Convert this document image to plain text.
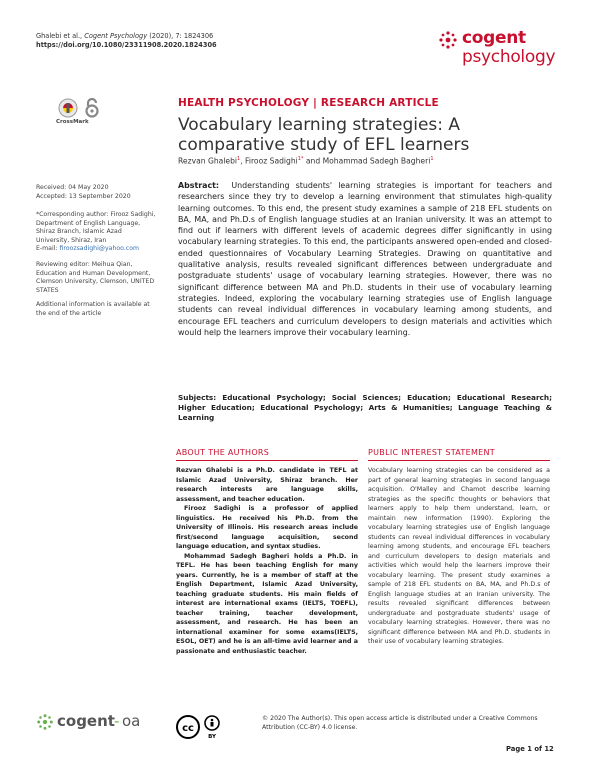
Ghalebi et al., Cogent Psychology (2020), 7: 1824306
https://doi.org/10.1080/23311908.2020.1824306	cogent
psychology
CrossMark
HEALTH PSYCHOLOGY | RESEARCH ARTICLE
Vocabulary learning strategies: A comparative study of EFL learners
Rezvan Ghalebi$^1$, Firooz Sadighi$^{1*}$ and Mohammad Sadegh Bagheri$^1$
Received: 04 May 2020
Accepted: 13 September 2020
*Corresponding author: Firooz Sadighi, Department of English Language, Shiraz Branch, Islamic Azad University, Shiraz, Iran
E-mail: firoozsadighi@yahoo.com
Reviewing editor: Meihua Qian, Education and Human Development, Clemson University, Clemson, UNITED STATES
Additional information is available at the end of the article
Abstract: Understanding students' learning strategies is important for teachers and researchers since they try to develop a learning environment that stimulates high-quality learning outcomes. To this end, the present study examines a sample of 218 EFL students on BA, MA, and Ph.D.s of English language studies at an Iranian university. It was an attempt to find out if learners with different levels of academic degrees differ significantly in using vocabulary learning strategies. To this end, the participants answered open-ended and closed-ended questionnaires of Vocabulary Learning Strategies. Drawing on quantitative and qualitative analysis, results revealed significant differences between undergraduate and postgraduate students' usage of vocabulary learning strategies. However, there was no significant difference between MA and Ph.D. students in their use of vocabulary learning strategies. Indeed, exploring the vocabulary learning strategies use of English language students can reveal individual differences in vocabulary learning among students, and encourage EFL teachers and curriculum developers to design materials and activities which would help the learners improve their vocabulary learning.
Subjects: Educational Psychology; Social Sciences; Education; Educational Research; Higher Education; Educational Psychology; Arts & Humanities; Language Teaching & Learning
ABOUT THE AUTHORS

Rezvan Ghalebi is a Ph.D. candidate in TEFL at Islamic Azad University, Shiraz branch. Her research interests are language skills, assessment, and teacher education.

Firooz Sadighi is a professor of applied linguistics. He received his Ph.D. from the University of Illinois. His research areas include first/second language acquisition, second language education, and syntax studies.

Mohammad Sadegh Bagheri holds a Ph.D. in TEFL. He has been teaching English for many years. Currently, he is a member of staff at the English Department, Islamic Azad University, teaching graduate students. His main fields of interest are international exams (IELTS, TOEFL), teacher training, teacher development, assessment, and research. He has been an international examiner for some exams(IELTS, ESOL, OET) and he is an all-time avid learner and a passionate and enthusiastic teacher.

PUBLIC INTEREST STATEMENT
Vocabulary learning strategies can be considered as a part of general learning strategies in second language acquisition. O'Malley and Chamot describe learning strategies as the specific thoughts or behaviors that learners apply to help them understand, learn, or maintain new information (1990). Exploring the vocabulary learning strategies use of English language students can reveal individual differences in vocabulary learning among students, and encourage EFL teachers and curriculum developers to design materials and activities which would help the learners improve their vocabulary learning. The present study examines a sample of 218 EFL students on BA, MA, and Ph.D.s of English language studies at an Iranian university. The results revealed significant differences between undergraduate and postgraduate students' usage of vocabulary learning strategies. However, there was no significant difference between MA and Ph.D. students in their use of vocabulary learning strategies.
cogent ‑ oa	cc
BY
© 2020 The Author(s). This open access article is distributed under a Creative Commons Attribution (CC-BY) 4.0 license.
Page 1 of 12
